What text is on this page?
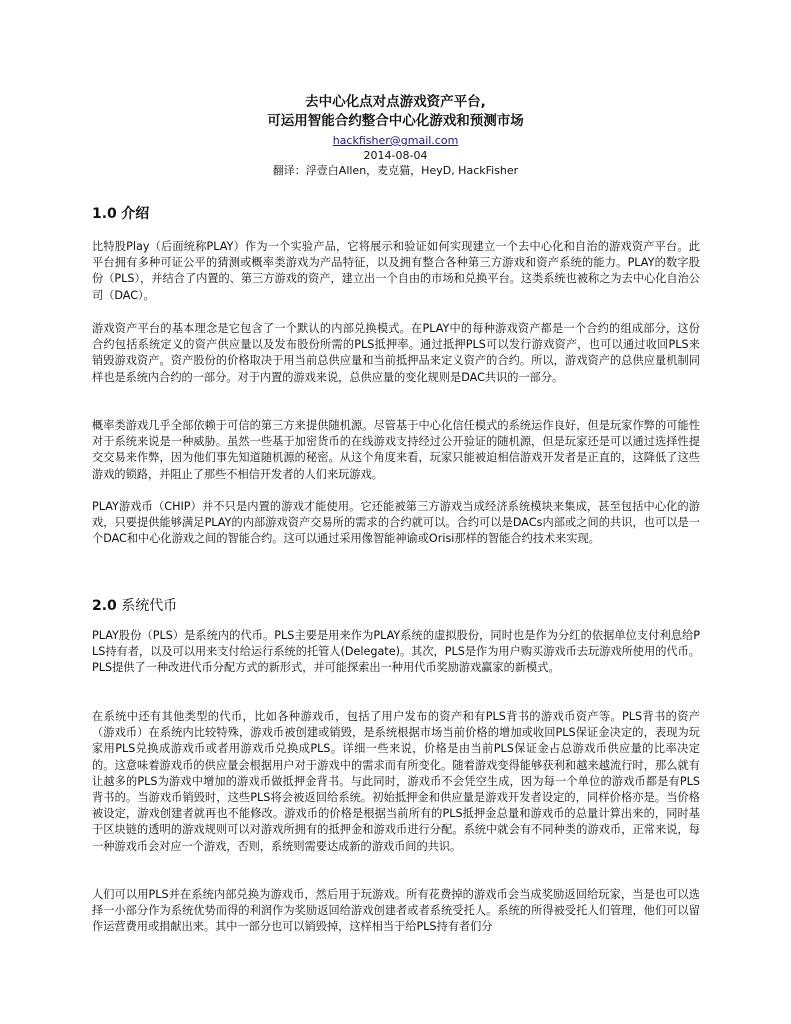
去中心化点对点游戏资产平台,
可运用智能合约整合中心化游戏和预测市场
hackfisher@gmail.com
2014-08-04
翻译：浮壹白Allen，麦克猫，HeyD, HackFisher
1.0 介绍

比特股Play（后面统称PLAY）作为一个实验产品，它将展示和验证如何实现建立一个去中心化和自治的游戏资产平台。此平台拥有多种可证公平的猜测或概率类游戏为产品特征，以及拥有整合各种第三方游戏和资产系统的能力。PLAY的数字股份（PLS），并结合了内置的、第三方游戏的资产，建立出一个自由的市场和兑换平台。这类系统也被称之为去中心化自治公司（DAC）。

游戏资产平台的基本理念是它包含了一个默认的内部兑换模式。在PLAY中的每种游戏资产都是一个合约的组成部分，这份合约包括系统定义的资产供应量以及发布股份所需的PLS抵押率。通过抵押PLS可以发行游戏资产，也可以通过收回PLS来销毁游戏资产。资产股份的价格取决于用当前总供应量和当前抵押品来定义资产的合约。所以，游戏资产的总供应量机制同样也是系统内合约的一部分。对于内置的游戏来说，总供应量的变化规则是DAC共识的一部分。

概率类游戏几乎全部依赖于可信的第三方来提供随机源。尽管基于中心化信任模式的系统运作良好，但是玩家作弊的可能性对于系统来说是一种威胁。虽然一些基于加密货币的在线游戏支持经过公开验证的随机源，但是玩家还是可以通过选择性提交交易来作弊，因为他们事先知道随机源的秘密。从这个角度来看，玩家只能被迫相信游戏开发者是正直的，这降低了这些游戏的锁路，并阻止了那些不相信开发者的人们来玩游戏。

PLAY游戏币（CHIP）并不只是内置的游戏才能使用。它还能被第三方游戏当成经济系统模块来集成，甚至包括中心化的游戏，只要提供能够满足PLAY的内部游戏资产交易所的需求的合约就可以。合约可以是DACs内部或之间的共识，也可以是一个DAC和中心化游戏之间的智能合约。这可以通过采用像智能神谕或Orisi那样的智能合约技术来实现。

2.0 系统代币

PLAY股份（PLS）是系统内的代币。PLS主要是用来作为PLAY系统的虚拟股份，同时也是作为分红的依据单位支付利息给PLS持有者，以及可以用来支付给运行系统的托管人(Delegate)。其次，PLS是作为用户购买游戏币去玩游戏所使用的代币。PLS提供了一种改进代币分配方式的新形式，并可能探索出一种用代币奖励游戏赢家的新模式。

在系统中还有其他类型的代币，比如各种游戏币，包括了用户发布的资产和有PLS背书的游戏币资产等。PLS背书的资产（游戏币）在系统内比较特殊，游戏币被创建或销毁，是系统根据市场当前价格的增加或收回PLS保证金决定的，表现为玩家用PLS兑换成游戏币或者用游戏币兑换成PLS。详细一些来说，价格是由当前PLS保证金占总游戏币供应量的比率决定的。这意味着游戏币的供应量会根据用户对于游戏中的需求而有所变化。随着游戏变得能够获利和越来越流行时，那么就有让越多的PLS为游戏中增加的游戏币做抵押金背书。与此同时，游戏币不会凭空生成，因为每一个单位的游戏币都是有PLS背书的。当游戏币销毁时，这些PLS将会被返回给系统。初始抵押金和供应量是游戏开发者设定的，同样价格亦是。当价格被设定，游戏创建者就再也不能修改。游戏币的价格是根据当前所有的PLS抵押金总量和游戏币的总量计算出来的，同时基于区块链的透明的游戏规则可以对游戏所拥有的抵押金和游戏币进行分配。系统中就会有不同种类的游戏币，正常来说，每一种游戏币会对应一个游戏，否则，系统则需要达成新的游戏币间的共识。

人们可以用PLS并在系统内部兑换为游戏币，然后用于玩游戏。所有花费掉的游戏币会当成奖励返回给玩家，当是也可以选择一小部分作为系统优势而得的利润作为奖励返回给游戏创建者或者系统受托人。系统的所得被受托人们管理，他们可以留作运营费用或捐献出来。其中一部分也可以销毁掉，这样相当于给PLS持有者们分
